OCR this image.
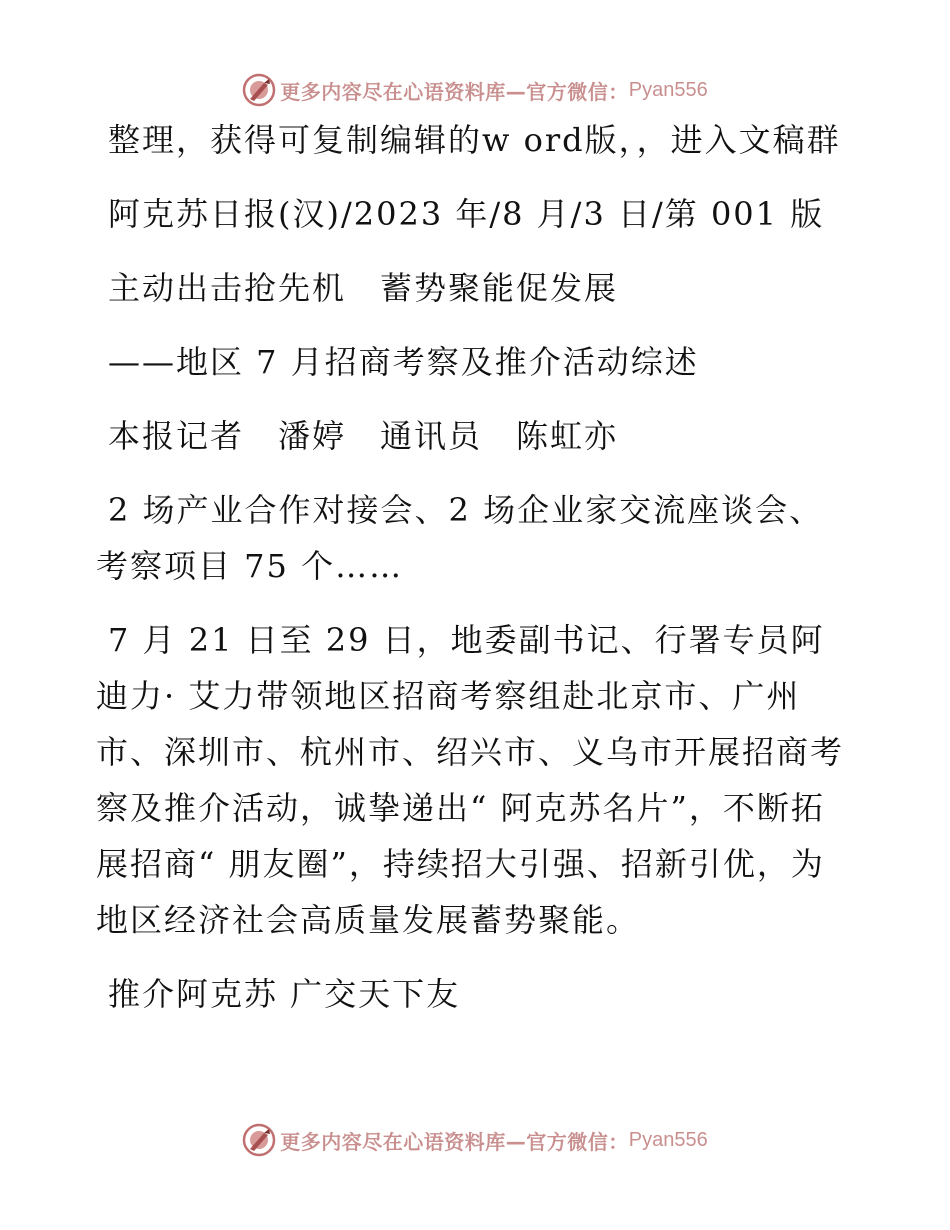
更多内容尽在心语资料库—官方微信： Pyan556

整理，获得可复制编辑的w ord版，，进入文稿群

阿克苏日报(汉)/2023 年/8 月/3 日/第 001 版

主动出击抢先机　蓄势聚能促发展

——地区 7 月招商考察及推介活动综述

本报记者　潘婷　通讯员　陈虹亦

2 场产业合作对接会、2 场企业家交流座谈会、考察项目 75 个……

7 月 21 日至 29 日，地委副书记、行署专员阿迪力· 艾力带领地区招商考察组赴北京市、广州市、深圳市、杭州市、绍兴市、义乌市开展招商考察及推介活动，诚挚递出“ 阿克苏名片”，不断拓展招商“ 朋友圈”，持续招大引强、招新引优，为地区经济社会高质量发展蓄势聚能。

推介阿克苏 广交天下友

更多内容尽在心语资料库—官方微信： Pyan556
